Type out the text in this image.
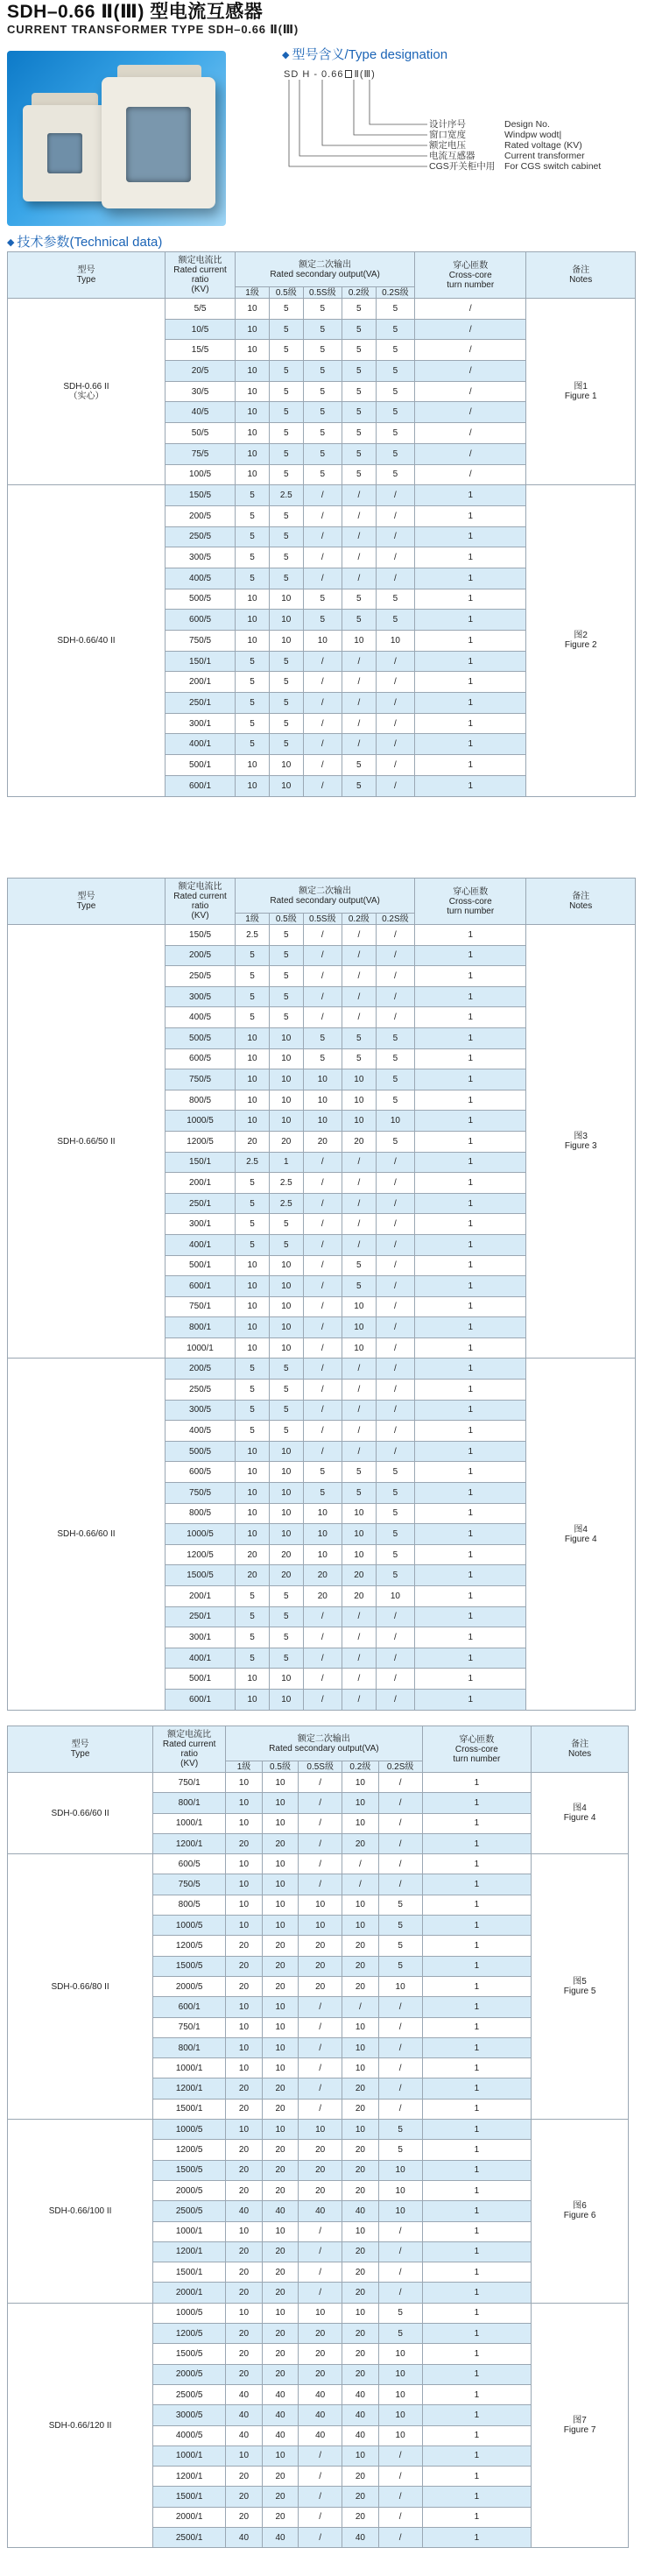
SDH–0.66 Ⅱ(Ⅲ) 型电流互感器
CURRENT TRANSFORMER TYPE SDH–0.66 Ⅱ(Ⅲ)
◆ 型号含义/Type designation
SD H - 0.66 Ⅱ(Ⅲ)
设计序号	Design No.
窗口宽度	Windpw wodt|
额定电压	Rated voltage (KV)
电流互感器	Current transformer
CGS开关柜中用 For CGS switch cabinet
◆ 技术参数(Technical data)
型号
Type	额定电流比
Rated current ratio
(KV)	额定二次输出
Rated secondary output(VA)					穿心匝数
Cross-core
turn number	备注
Notes

		1级	0.5级	0.5S级	0.2级	0.2S级		

SDH-0.66 II
（实心）	5/5	10	5	5	5	5	/	图1
Figure 1

	10/5	10	5	5	5	5	/	
	15/5	10	5	5	5	5	/	
	20/5	10	5	5	5	5	/	
	30/5	10	5	5	5	5	/	
	40/5	10	5	5	5	5	/	
	50/5	10	5	5	5	5	/	
	75/5	10	5	5	5	5	/	
	100/5	10	5	5	5	5	/	

SDH-0.66/40 II	150/5	5	2.5	/	/	/	1	图2
Figure 2

	200/5	5	5	/	/	/	1	
	250/5	5	5	/	/	/	1	
	300/5	5	5	/	/	/	1	
	400/5	5	5	/	/	/	1	
	500/5	10	10	5	5	5	1	
	600/5	10	10	5	5	5	1	
	750/5	10	10	10	10	10	1	
	150/1	5	5	/	/	/	1	
	200/1	5	5	/	/	/	1	
	250/1	5	5	/	/	/	1	
	300/1	5	5	/	/	/	1	
	400/1	5	5	/	/	/	1	
	500/1	10	10	/	5	/	1	
	600/1	10	10	/	5	/	1	
型号
Type	额定电流比
Rated current ratio
(KV)	额定二次输出
Rated secondary output(VA)					穿心匝数
Cross-core
turn number	备注
Notes

		1级	0.5级	0.5S级	0.2级	0.2S级		

SDH-0.66/50 II	150/5	2.5	5	/	/	/	1	图3
Figure 3

	200/5	5	5	/	/	/	1	
	250/5	5	5	/	/	/	1	
	300/5	5	5	/	/	/	1	
	400/5	5	5	/	/	/	1	
	500/5	10	10	5	5	5	1	
	600/5	10	10	5	5	5	1	
	750/5	10	10	10	10	5	1	
	800/5	10	10	10	10	5	1	
	1000/5	10	10	10	10	10	1	
	1200/5	20	20	20	20	5	1	
	150/1	2.5	1	/	/	/	1	
	200/1	5	2.5	/	/	/	1	
	250/1	5	2.5	/	/	/	1	
	300/1	5	5	/	/	/	1	
	400/1	5	5	/	/	/	1	
	500/1	10	10	/	5	/	1	
	600/1	10	10	/	5	/	1	
	750/1	10	10	/	10	/	1	
	800/1	10	10	/	10	/	1	
	1000/1	10	10	/	10	/	1	

SDH-0.66/60 II	200/5	5	5	/	/	/	1	图4
Figure 4

	250/5	5	5	/	/	/	1	
	300/5	5	5	/	/	/	1	
	400/5	5	5	/	/	/	1	
	500/5	10	10	/	/	/	1	
	600/5	10	10	5	5	5	1	
	750/5	10	10	5	5	5	1	
	800/5	10	10	10	10	5	1	
	1000/5	10	10	10	10	5	1	
	1200/5	20	20	10	10	5	1	
	1500/5	20	20	20	20	5	1	
	200/1	5	5	20	20	10	1	
	250/1	5	5	/	/	/	1	
	300/1	5	5	/	/	/	1	
	400/1	5	5	/	/	/	1	
	500/1	10	10	/	/	/	1	
	600/1	10	10	/	/	/	1	
型号
Type	额定电流比
Rated current ratio
(KV)	额定二次输出
Rated secondary output(VA)					穿心匝数
Cross-core
turn number	备注
Notes

		1级	0.5级	0.5S级	0.2级	0.2S级		

SDH-0.66/60 II	750/1	10	10	/	10	/	1	图4
Figure 4

	800/1	10	10	/	10	/	1	
	1000/1	10	10	/	10	/	1	
	1200/1	20	20	/	20	/	1	

SDH-0.66/80 II	600/5	10	10	/	/	/	1	图5
Figure 5

	750/5	10	10	/	/	/	1	
	800/5	10	10	10	10	5	1	
	1000/5	10	10	10	10	5	1	
	1200/5	20	20	20	20	5	1	
	1500/5	20	20	20	20	5	1	
	2000/5	20	20	20	20	10	1	
	600/1	10	10	/	/	/	1	
	750/1	10	10	/	10	/	1	
	800/1	10	10	/	10	/	1	
	1000/1	10	10	/	10	/	1	
	1200/1	20	20	/	20	/	1	
	1500/1	20	20	/	20	/	1	

SDH-0.66/100 II	1000/5	10	10	10	10	5	1	图6
Figure 6

	1200/5	20	20	20	20	5	1	
	1500/5	20	20	20	20	10	1	
	2000/5	20	20	20	20	10	1	
	2500/5	40	40	40	40	10	1	
	1000/1	10	10	/	10	/	1	
	1200/1	20	20	/	20	/	1	
	1500/1	20	20	/	20	/	1	
	2000/1	20	20	/	20	/	1	

SDH-0.66/120 II	1000/5	10	10	10	10	5	1	图7
Figure 7

	1200/5	20	20	20	20	5	1	
	1500/5	20	20	20	20	10	1	
	2000/5	20	20	20	20	10	1	
	2500/5	40	40	40	40	10	1	
	3000/5	40	40	40	40	10	1	
	4000/5	40	40	40	40	10	1	
	1000/1	10	10	/	10	/	1	
	1200/1	20	20	/	20	/	1	
	1500/1	20	20	/	20	/	1	
	2000/1	20	20	/	20	/	1	
	2500/1	40	40	/	40	/	1	
